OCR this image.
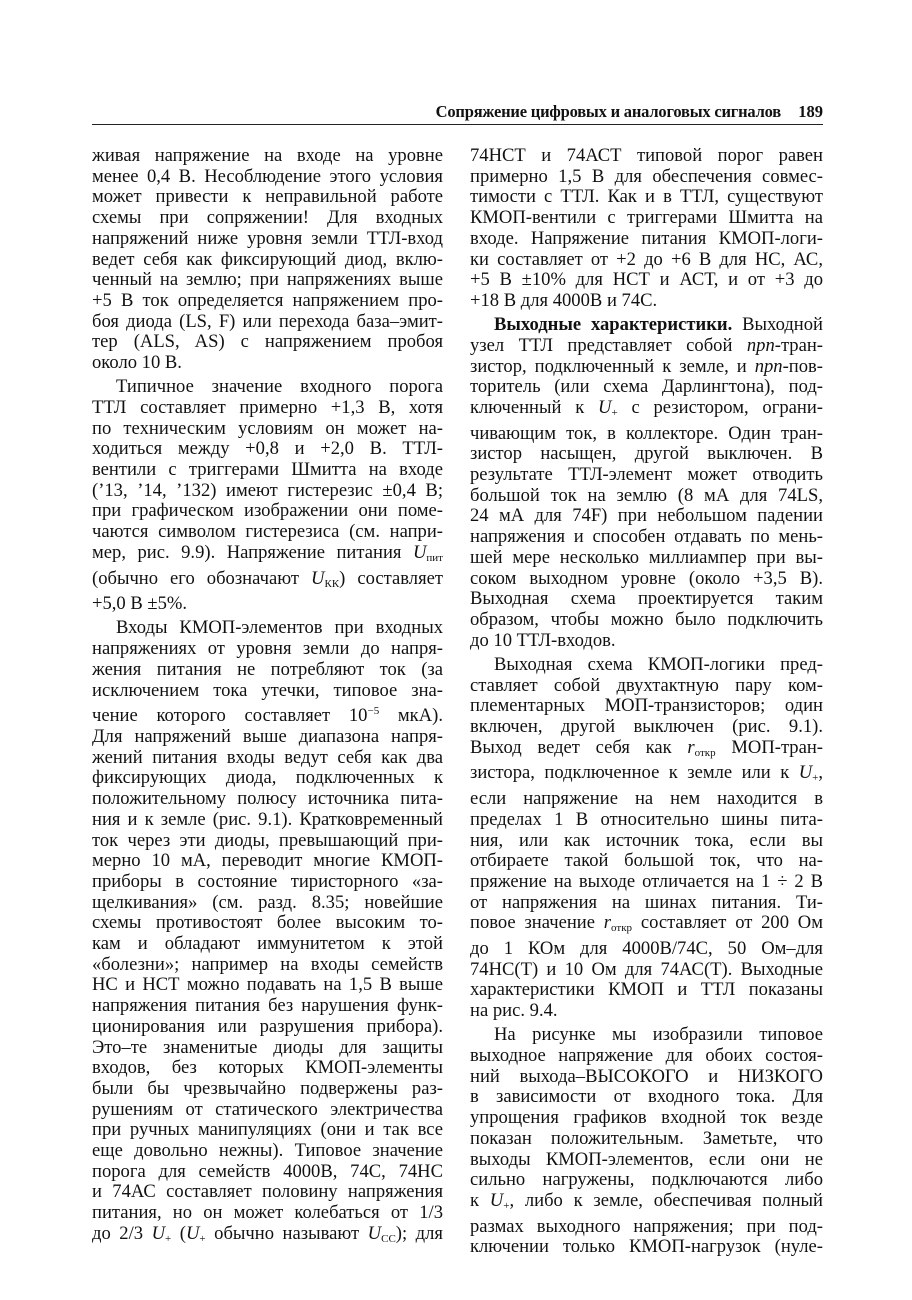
Сопряжение цифровых и аналоговых сигналов 189
живая напряжение на входе на уровне
менее 0,4 В. Несоблюдение этого условия
может привести к неправильной работе
схемы при сопряжении! Для входных
напряжений ниже уровня земли ТТЛ-вход
ведет себя как фиксирующий диод, вклю-
ченный на землю; при напряжениях выше
+5 В ток определяется напряжением про-
боя диода (LS, F) или перехода база–эмит-
тер (ALS, AS) с напряжением пробоя
около 10 В.
Типичное значение входного порога
ТТЛ составляет примерно +1,3 В, хотя
по техническим условиям он может на-
ходиться между +0,8 и +2,0 В. ТТЛ-
вентили с триггерами Шмитта на входе
(’13, ’14, ’132) имеют гистерезис ±0,4 В;
при графическом изображении они поме-
чаются символом гистерезиса (см. напри-
мер, рис. 9.9). Напряжение питания $U_{пит}$
(обычно его обозначают $U_{КК}$) составляет
+5,0 В ±5%.
Входы КМОП-элементов при входных
напряжениях от уровня земли до напря-
жения питания не потребляют ток (за
исключением тока утечки, типовое зна-
чение которого составляет $10^{-5}$ мкА).
Для напряжений выше диапазона напря-
жений питания входы ведут себя как два
фиксирующих диода, подключенных к
положительному полюсу источника пита-
ния и к земле (рис. 9.1). Кратковременный
ток через эти диоды, превышающий при-
мерно 10 мА, переводит многие КМОП-
приборы в состояние тиристорного «за-
щелкивания» (см. разд. 8.35; новейшие
схемы противостоят более высоким то-
кам и обладают иммунитетом к этой
«болезни»; например на входы семейств
НС и НСТ можно подавать на 1,5 В выше
напряжения питания без нарушения функ-
ционирования или разрушения прибора).
Это–те знаменитые диоды для защиты
входов, без которых КМОП-элементы
были бы чрезвычайно подвержены раз-
рушениям от статического электричества
при ручных манипуляциях (они и так все
еще довольно нежны). Типовое значение
порога для семейств 4000В, 74С, 74НС
и 74АС составляет половину напряжения
питания, но он может колебаться от 1/3
до 2/3 $U_+$ ($U_+$ обычно называют $U_{CC}$); для
74НСТ и 74АСТ типовой порог равен
примерно 1,5 В для обеспечения совмес-
тимости с ТТЛ. Как и в ТТЛ, существуют
КМОП-вентили с триггерами Шмитта на
входе. Напряжение питания КМОП-логи-
ки составляет от +2 до +6 В для НС, АС,
+5 В ±10% для НСТ и АСТ, и от +3 до
+18 В для 4000В и 74С.
Выходные характеристики. Выходной
узел ТТЛ представляет собой npn-тран-
зистор, подключенный к земле, и npn-пов-
торитель (или схема Дарлингтона), под-
ключенный к $U_+$ с резистором, ограни-
чивающим ток, в коллекторе. Один тран-
зистор насыщен, другой выключен. В
результате ТТЛ-элемент может отводить
большой ток на землю (8 мА для 74LS,
24 мА для 74F) при небольшом падении
напряжения и способен отдавать по мень-
шей мере несколько миллиампер при вы-
соком выходном уровне (около +3,5 В).
Выходная схема проектируется таким
образом, чтобы можно было подключить
до 10 ТТЛ-входов.
Выходная схема КМОП-логики пред-
ставляет собой двухтактную пару ком-
плементарных МОП-транзисторов; один
включен, другой выключен (рис. 9.1).
Выход ведет себя как $r_{откр}$ МОП-тран-
зистора, подключенное к земле или к $U_+$,
если напряжение на нем находится в
пределах 1 В относительно шины пита-
ния, или как источник тока, если вы
отбираете такой большой ток, что на-
пряжение на выходе отличается на 1 ÷ 2 В
от напряжения на шинах питания. Ти-
повое значение $r_{откр}$ составляет от 200 Ом
до 1 КОм для 4000В/74С, 50 Ом–для
74НС(Т) и 10 Ом для 74АС(Т). Выходные
характеристики КМОП и ТТЛ показаны
на рис. 9.4.
На рисунке мы изобразили типовое
выходное напряжение для обоих состоя-
ний выхода–ВЫСОКОГО и НИЗКОГО
в зависимости от входного тока. Для
упрощения графиков входной ток везде
показан положительным. Заметьте, что
выходы КМОП-элементов, если они не
сильно нагружены, подключаются либо
к $U_+$, либо к земле, обеспечивая полный
размах выходного напряжения; при под-
ключении только КМОП-нагрузок (нуле-
